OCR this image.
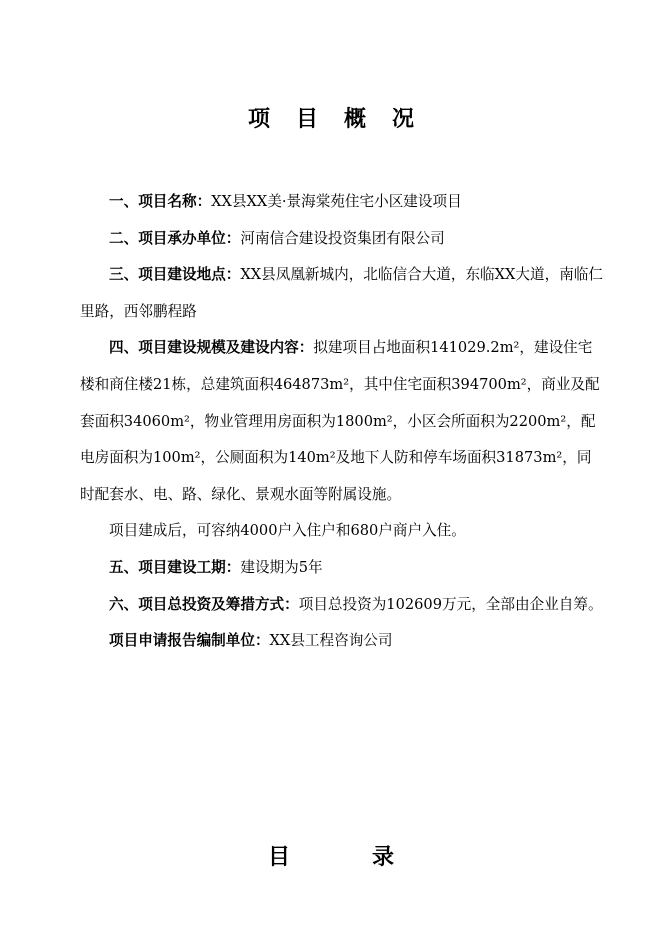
项目概况

一、项目名称：XX县XX美·景海棠苑住宅小区建设项目

二、项目承办单位：河南信合建设投资集团有限公司

三、项目建设地点：XX县凤凰新城内，北临信合大道，东临XX大道，南临仁里路，西邻鹏程路

四、项目建设规模及建设内容：拟建项目占地面积141029.2m²，建设住宅楼和商住楼21栋，总建筑面积464873m²，其中住宅面积394700m²，商业及配套面积34060m²，物业管理用房面积为1800m²，小区会所面积为2200m²，配电房面积为100m²，公厕面积为140m²及地下人防和停车场面积31873m²，同时配套水、电、路、绿化、景观水面等附属设施。

项目建成后，可容纳4000户入住户和680户商户入住。

五、项目建设工期：建设期为5年

六、项目总投资及筹措方式：项目总投资为102609万元，全部由企业自筹。

项目申请报告编制单位：XX县工程咨询公司

目	录
